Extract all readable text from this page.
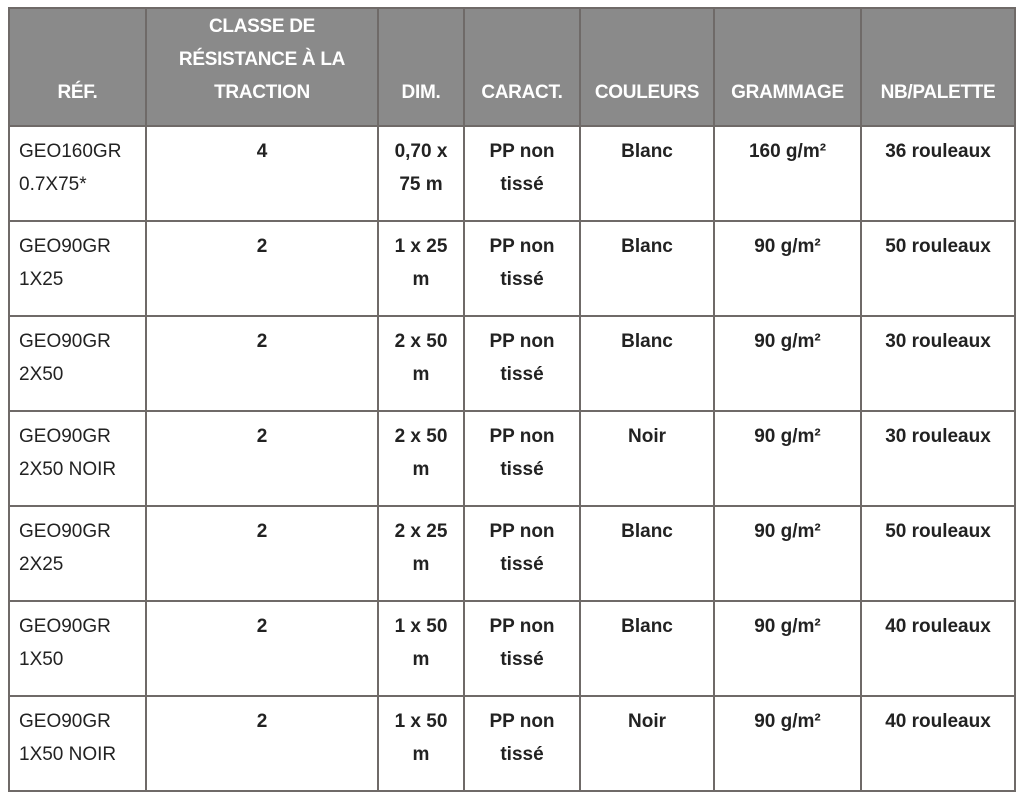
RÉF.	CLASSE DE RÉSISTANCE À LA TRACTION	DIM.	CARACT.	COULEURS	GRAMMAGE	NB/PALETTE
GEO160GR 0.7X75*	4	0,70 x 75 m	PP non tissé	Blanc	160 g/m²	36 rouleaux
GEO90GR 1X25	2	1 x 25 m	PP non tissé	Blanc	90 g/m²	50 rouleaux
GEO90GR 2X50	2	2 x 50 m	PP non tissé	Blanc	90 g/m²	30 rouleaux
GEO90GR 2X50 NOIR	2	2 x 50 m	PP non tissé	Noir	90 g/m²	30 rouleaux
GEO90GR 2X25	2	2 x 25 m	PP non tissé	Blanc	90 g/m²	50 rouleaux
GEO90GR 1X50	2	1 x 50 m	PP non tissé	Blanc	90 g/m²	40 rouleaux
GEO90GR 1X50 NOIR	2	1 x 50 m	PP non tissé	Noir	90 g/m²	40 rouleaux
